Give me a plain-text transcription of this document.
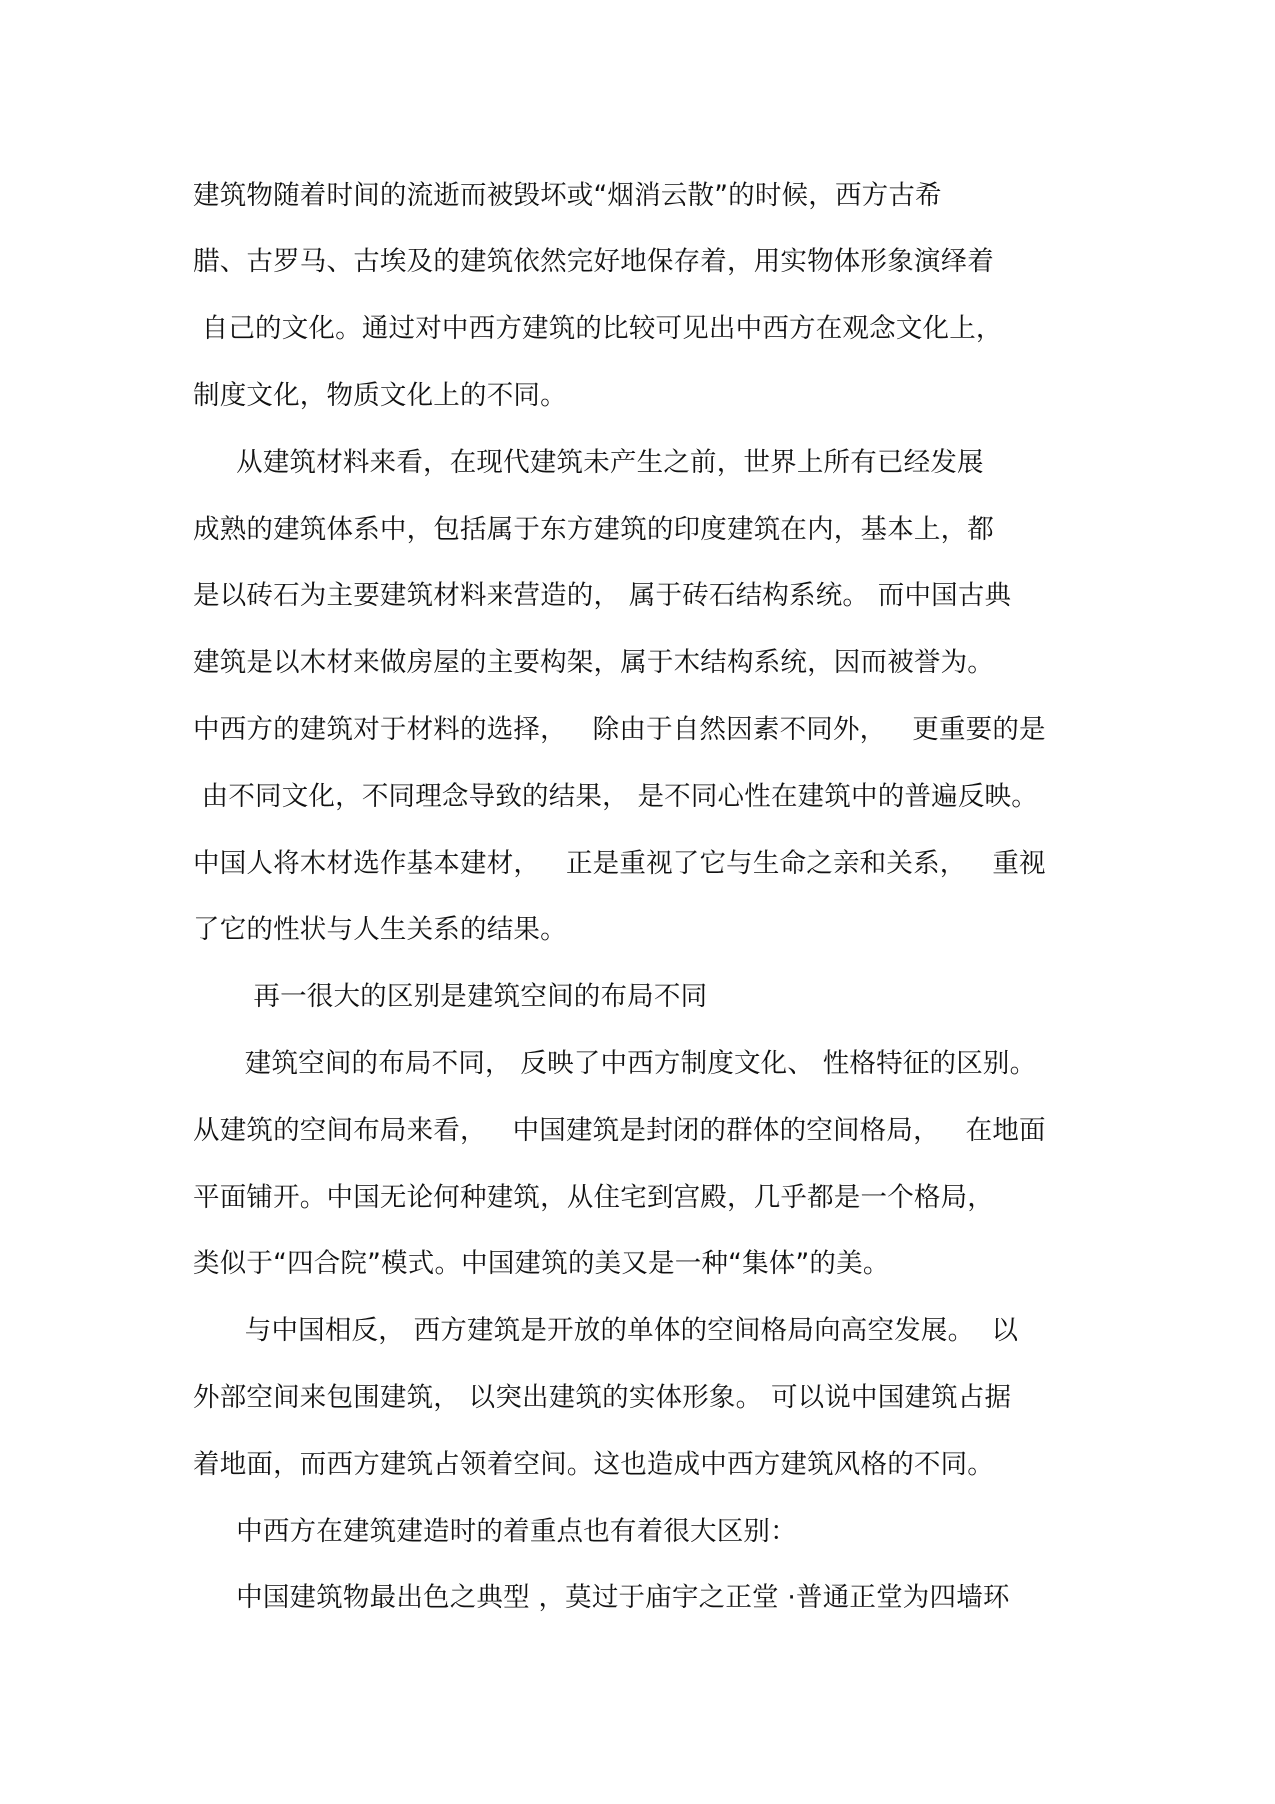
建筑物随着时间的流逝而被毁坏或“烟消云散”的时候，西方古希
腊、古罗马、古埃及的建筑依然完好地保存着，用实物体形象演绎着
自己的文化。通过对中西方建筑的比较可见出中西方在观念文化上，
制度文化，物质文化上的不同。
从建筑材料来看，在现代建筑未产生之前，世界上所有已经发展
成熟的建筑体系中，包括属于东方建筑的印度建筑在内，基本上，都
是以砖石为主要建筑材料来营造的， 属于砖石结构系统。 而中国古典
建筑是以木材来做房屋的主要构架，属于木结构系统，因而被誉为。
中西方的建筑对于材料的选择，   除由于自然因素不同外，   更重要的是
由不同文化，不同理念导致的结果， 是不同心性在建筑中的普遍反映。
中国人将木材选作基本建材，   正是重视了它与生命之亲和关系，   重视
了它的性状与人生关系的结果。
再一很大的区别是建筑空间的布局不同
建筑空间的布局不同， 反映了中西方制度文化、 性格特征的区别。
从建筑的空间布局来看，   中国建筑是封闭的群体的空间格局，   在地面
平面铺开。中国无论何种建筑，从住宅到宫殿，几乎都是一个格局，
类似于“四合院”模式。中国建筑的美又是一种“集体”的美。
与中国相反， 西方建筑是开放的单体的空间格局向高空发展。  以
外部空间来包围建筑， 以突出建筑的实体形象。 可以说中国建筑占据
着地面，而西方建筑占领着空间。这也造成中西方建筑风格的不同。
中西方在建筑建造时的着重点也有着很大区别：
中国建筑物最出色之典型 ，莫过于庙宇之正堂 ·普通正堂为四墙环
